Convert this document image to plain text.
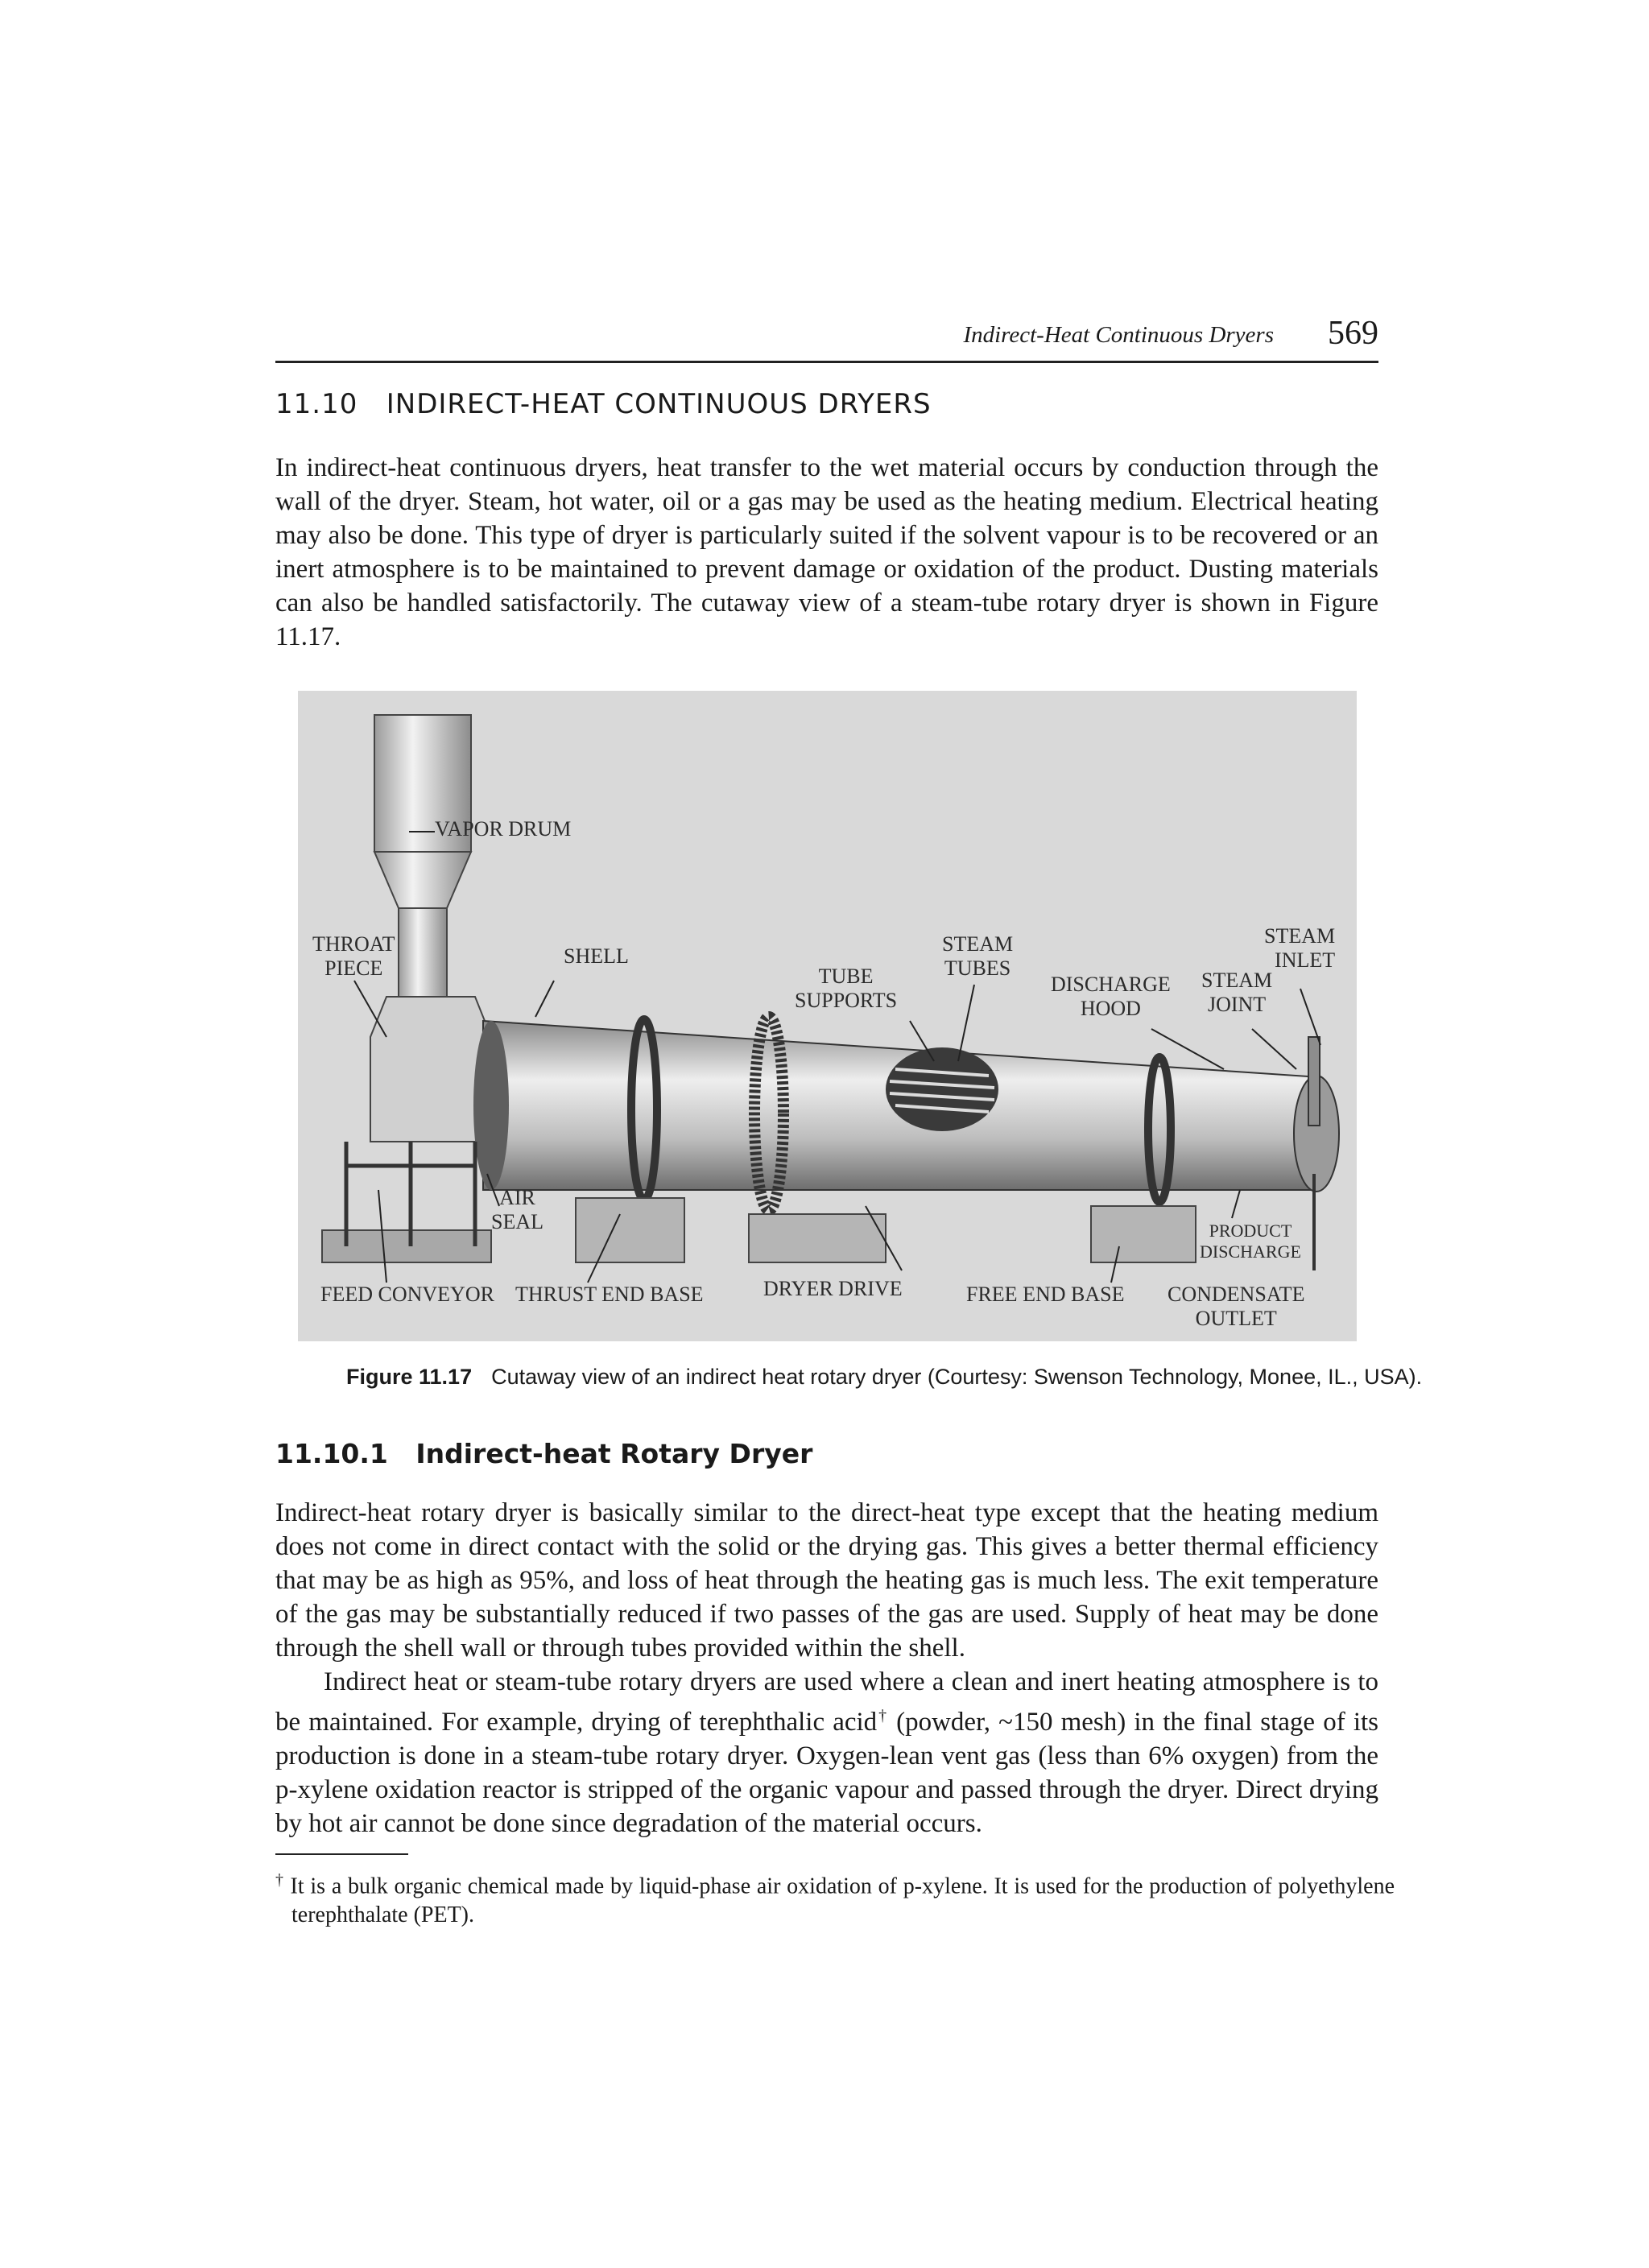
Indirect-Heat Continuous Dryers 569
11.10   INDIRECT-HEAT CONTINUOUS DRYERS

In indirect-heat continuous dryers, heat transfer to the wet material occurs by conduction through the wall of the dryer. Steam, hot water, oil or a gas may be used as the heating medium. Electrical heating may also be done. This type of dryer is particularly suited if the solvent vapour is to be recovered or an inert atmosphere is to be maintained to prevent damage or oxidation of the product. Dusting materials can also be handled satisfactorily. The cutaway view of a steam-tube rotary dryer is shown in Figure 11.17.

VAPOR DRUM
THROAT
PIECE
SHELL
TUBE
SUPPORTS
STEAM
TUBES
DISCHARGE
HOOD
STEAM
JOINT
STEAM
INLET
AIR
SEAL	PRODUCT
DISCHARGE
FEED CONVEYOR THRUST END BASE	DRYER DRIVE	FREE END BASE CONDENSATE
OUTLET
Figure 11.17 Cutaway view of an indirect heat rotary dryer (Courtesy: Swenson Technology, Monee, IL., USA).
11.10.1   Indirect-heat Rotary Dryer

Indirect-heat rotary dryer is basically similar to the direct-heat type except that the heating medium does not come in direct contact with the solid or the drying gas. This gives a better thermal efficiency that may be as high as 95%, and loss of heat through the heating gas is much less. The exit temperature of the gas may be substantially reduced if two passes of the gas are used. Supply of heat may be done through the shell wall or through tubes provided within the shell.

Indirect heat or steam-tube rotary dryers are used where a clean and inert heating atmosphere is to be maintained. For example, drying of terephthalic acid† (powder, ~150 mesh) in the final stage of its production is done in a steam-tube rotary dryer. Oxygen-lean vent gas (less than 6% oxygen) from the p-xylene oxidation reactor is stripped of the organic vapour and passed through the dryer. Direct drying by hot air cannot be done since degradation of the material occurs.

† It is a bulk organic chemical made by liquid-phase air oxidation of p-xylene. It is used for the production of polyethylene terephthalate (PET).
